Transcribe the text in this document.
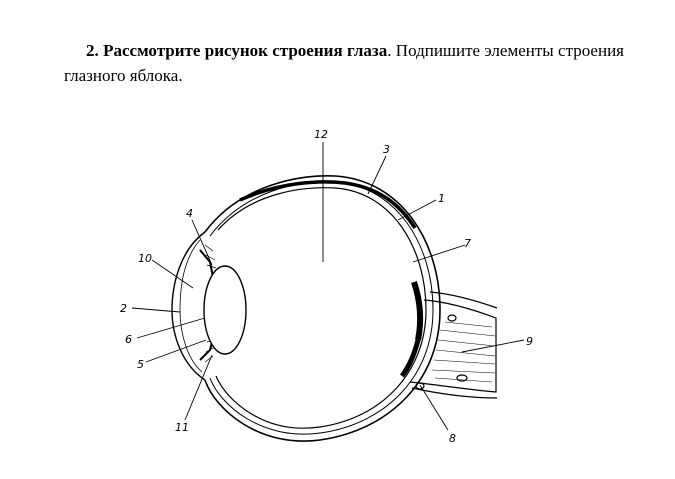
2. Рассмотрите рисунок строения глаза. Подпишите элементы строения глазного яблока.
1
2
3
4
5
6
7
8
9
10
11
12
